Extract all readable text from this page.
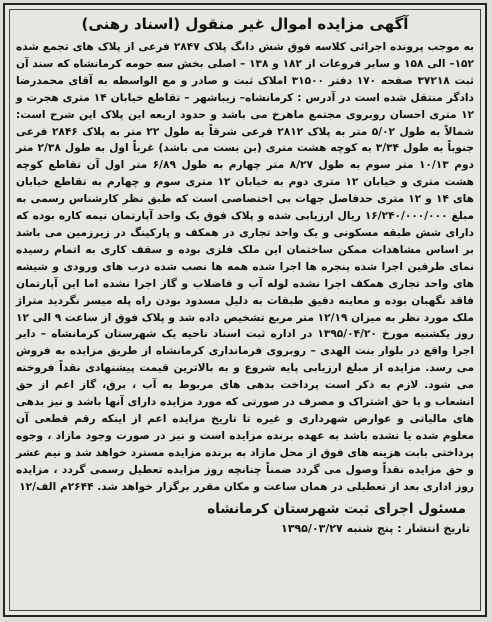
آگهی مزایده اموال غیر منقول (اسناد رهنی)

به موجب پرونده اجرائی کلاسه فوق شش دانگ پلاک ۲۸۴۷ فرعی از پلاک های تجمع شده ۱۵۲– الی ۱۵۸ و سایر فروعات از ۱۸۲ و ۱۳۸ – اصلی بخش سه حومه کرمانشاه که سند آن ثبت ۳۷۲۱۸ صفحه ۱۷۰ دفتر ۳۱۵۰۰ املاک ثبت و صادر و مع الواسطه به آقای محمدرضا دادگر منتقل شده است در آدرس : کرمانشاه– زیباشهر – تقاطع خیابان ۱۴ متری هجرت و ۱۲ متری احسان روبروی مجتمع ماهرخ می باشد و حدود اربعه این پلاک این شرح است: شمالاً به طول ۵/۰۲ متر به پلاک ۲۸۱۲ فرعی شرقاً به طول ۲۲ متر به پلاک ۲۸۴۶ فرعی جنوباً به طول ۳/۳۴ به کوچه هشت متری (بن بست می باشد) غرباً اول به طول ۲/۳۸ متر دوم ۱۰/۱۳ متر سوم به طول ۸/۲۷ متر چهارم به طول ۶/۸۹ متر اول آن تقاطع کوچه هشت متری و خیابان ۱۲ متری دوم به خیابان ۱۲ متری سوم و چهارم به تقاطع خیابان های ۱۴ و ۱۲ متری حدفاصل جهات بی اختصاصی است که طبق نظر کارشناس رسمی به مبلغ ۱۶/۲۴۰/۰۰۰/۰۰۰ ریال ارزیابی شده و پلاک فوق یک واحد آپارتمان نیمه کاره بوده که دارای شش طبقه مسکونی و یک واحد تجاری در همکف و پارکینگ در زیرزمین می باشد بر اساس مشاهدات ممکن ساختمان این ملک فلزی بوده و سقف کاری به اتمام رسیده نمای طرفین اجرا شده پنجره ها اجرا شده همه ها نصب شده درب های ورودی و شیشه های واحد تجاری همکف اجرا نشده لوله آب و فاضلاب و گاز اجرا نشده اما این آپارتمان فاقد نگهبان بوده و معاینه دقیق طبقات به دلیل مسدود بودن راه پله میسر نگردید متراژ ملک مورد نظر به میزان ۱۲/۱۹ متر مربع تشخیص داده شد و پلاک فوق از ساعت ۹ الی ۱۲ روز یکشنبه مورخ ۱۳۹۵/۰۴/۲۰ در اداره ثبت اسناد ناحیه یک شهرستان کرمانشاه – دایر اجرا واقع در بلوار بنت الهدی – روبروی فرمانداری کرمانشاه از طریق مزایده به فروش می رسد. مزایده از مبلغ ارزیابی پایه شروع و به بالاترین قیمت پیشنهادی نقداً فروخته می شود. لازم به ذکر است پرداخت بدهی های مربوط به آب ، برق، گاز اعم از حق انشعاب و یا حق اشتراک و مصرف در صورتی که مورد مزایده دارای آنها باشد و نیز بدهی های مالیاتی و عوارض شهرداری و غیره تا تاریخ مزایده اعم از اینکه رقم قطعی آن معلوم شده یا نشده باشد به عهده برنده مزایده است و نیز در صورت وجود مازاد ، وجوه پرداختی بابت هزینه های فوق از محل مازاد به برنده مزایده مسترد خواهد شد و نیم عشر و حق مزایده نقداً وصول می گردد ضمناً چنانچه روز مزایده تعطیل رسمی گردد ، مزایده روز اداری بعد از تعطیلی در همان ساعت و مکان مقرر برگزار خواهد شد. ۲۶۴۴م الف/۱۲

مسئول اجرای ثبت شهرستان کرمانشاه
تاریخ انتشار : پنج شنبه ۱۳۹۵/۰۳/۲۷
